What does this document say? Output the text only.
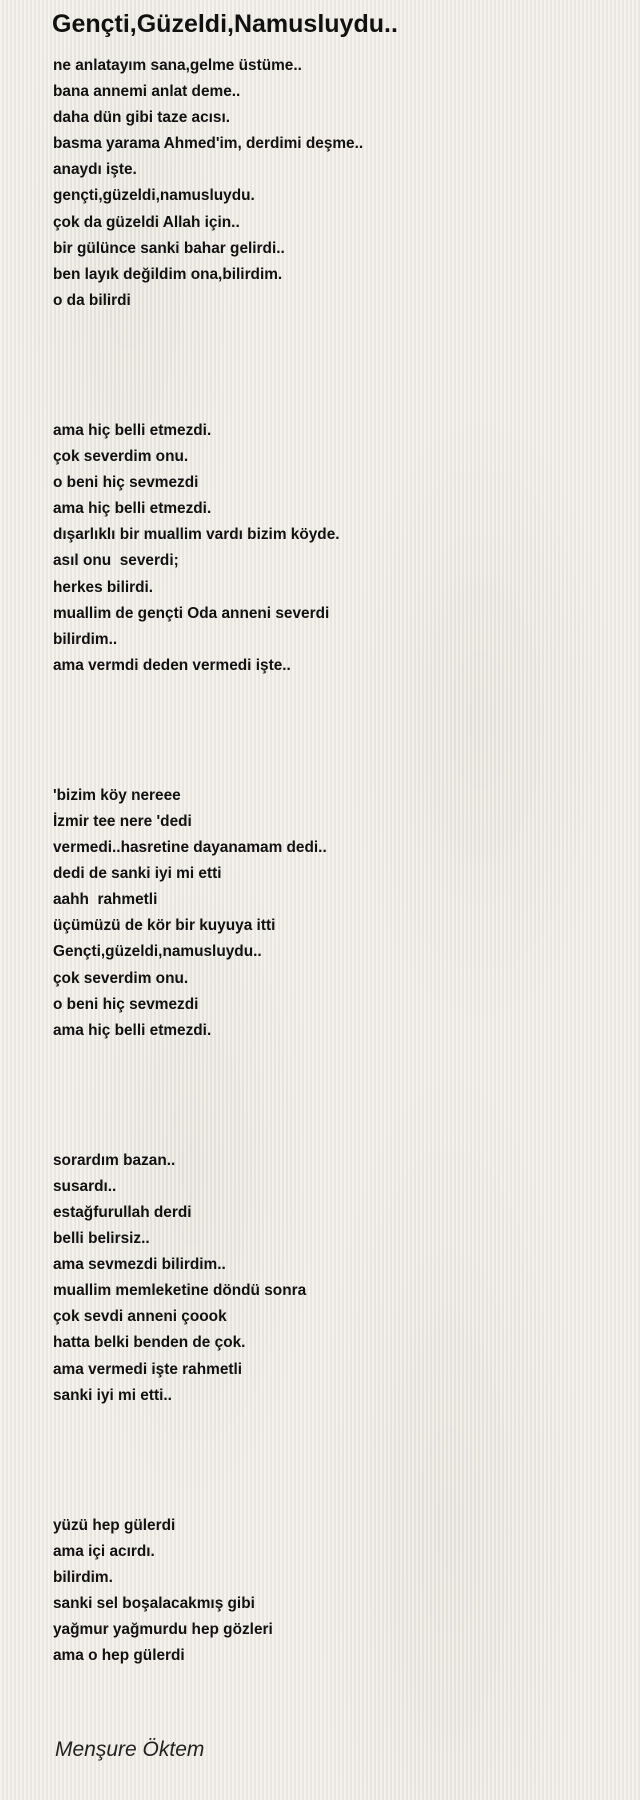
Gençti,Güzeldi,Namusluydu..
ne anlatayım sana,gelme üstüme..
bana annemi anlat deme..
daha dün gibi taze acısı.
basma yarama Ahmed'im, derdimi deşme..
anaydı işte.
gençti,güzeldi,namusluydu.
çok da güzeldi Allah için..
bir gülünce sanki bahar gelirdi..
ben layık değildim ona,bilirdim.
o da bilirdi
ama hiç belli etmezdi.
çok severdim onu.
o beni hiç sevmezdi
ama hiç belli etmezdi.
dışarlıklı bir muallim vardı bizim köyde.
asıl onu  severdi;
herkes bilirdi.
muallim de gençti Oda anneni severdi
bilirdim..
ama vermdi deden vermedi işte..
'bizim köy nereee
İzmir tee nere 'dedi
vermedi..hasretine dayanamam dedi..
dedi de sanki iyi mi etti
aahh  rahmetli
üçümüzü de kör bir kuyuya itti
Gençti,güzeldi,namusluydu..
çok severdim onu.
o beni hiç sevmezdi
ama hiç belli etmezdi.
sorardım bazan..
susardı..
estağfurullah derdi
belli belirsiz..
ama sevmezdi bilirdim..
muallim memleketine döndü sonra
çok sevdi anneni çoook
hatta belki benden de çok.
ama vermedi işte rahmetli
sanki iyi mi etti..
yüzü hep gülerdi
ama içi acırdı.
bilirdim.
sanki sel boşalacakmış gibi
yağmur yağmurdu hep gözleri
ama o hep gülerdi
Menşure Öktem
